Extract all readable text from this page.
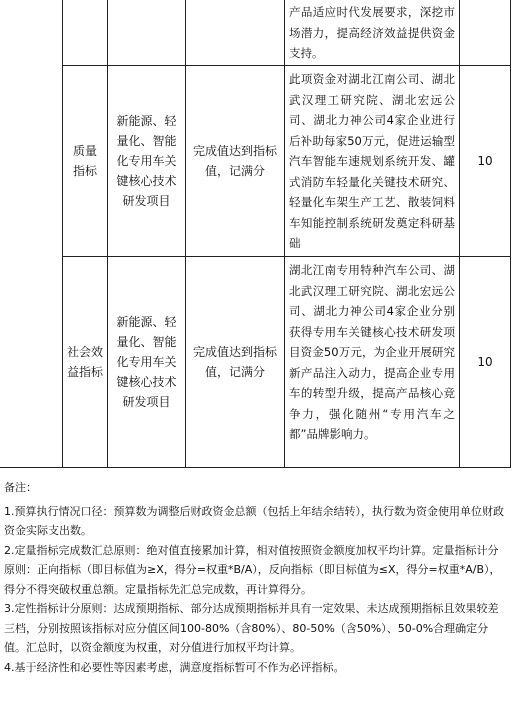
产品适应时代发展要求，深挖市场潜力，提高经济效益提供资金支持。
质量指标
新能源、轻量化、智能化专用车关键核心技术研发项目
完成值达到指标值，记满分
此项资金对湖北江南公司、湖北武汉理工研究院、湖北宏远公司、湖北力神公司4家企业进行后补助每家50万元，促进运输型汽车智能车速规划系统开发、罐式消防车轻量化关键技术研究、轻量化车架生产工艺、散装饲料车知能控制系统研发奠定科研基础
10
社会效益指标
新能源、轻量化、智能化专用车关键核心技术研发项目
完成值达到指标值，记满分
湖北江南专用特种汽车公司、湖北武汉理工研究院、湖北宏远公司、湖北力神公司4家企业分别获得专用车关键核心技术研发项目资金50万元，为企业开展研究新产品注入动力，提高企业专用车的转型升级，提高产品核心竞争力，强化随州“专用汽车之都”品牌影响力。
10

备注：

1.预算执行情况口径：预算数为调整后财政资金总额（包括上年结余结转），执行数为资金使用单位财政资金实际支出数。

2.定量指标完成数汇总原则：绝对值直接累加计算，相对值按照资金额度加权平均计算。定量指标计分原则：正向指标（即目标值为≥X，得分=权重*B/A），反向指标（即目标值为≤X，得分=权重*A/B），得分不得突破权重总额。定量指标先汇总完成数，再计算得分。

3.定性指标计分原则：达成预期指标、部分达成预期指标并具有一定效果、未达成预期指标且效果较差三档，分别按照该指标对应分值区间100-80%（含80%）、80-50%（含50%）、50-0%合理确定分值。汇总时，以资金额度为权重，对分值进行加权平均计算。

4.基于经济性和必要性等因素考虑，满意度指标暂可不作为必评指标。
